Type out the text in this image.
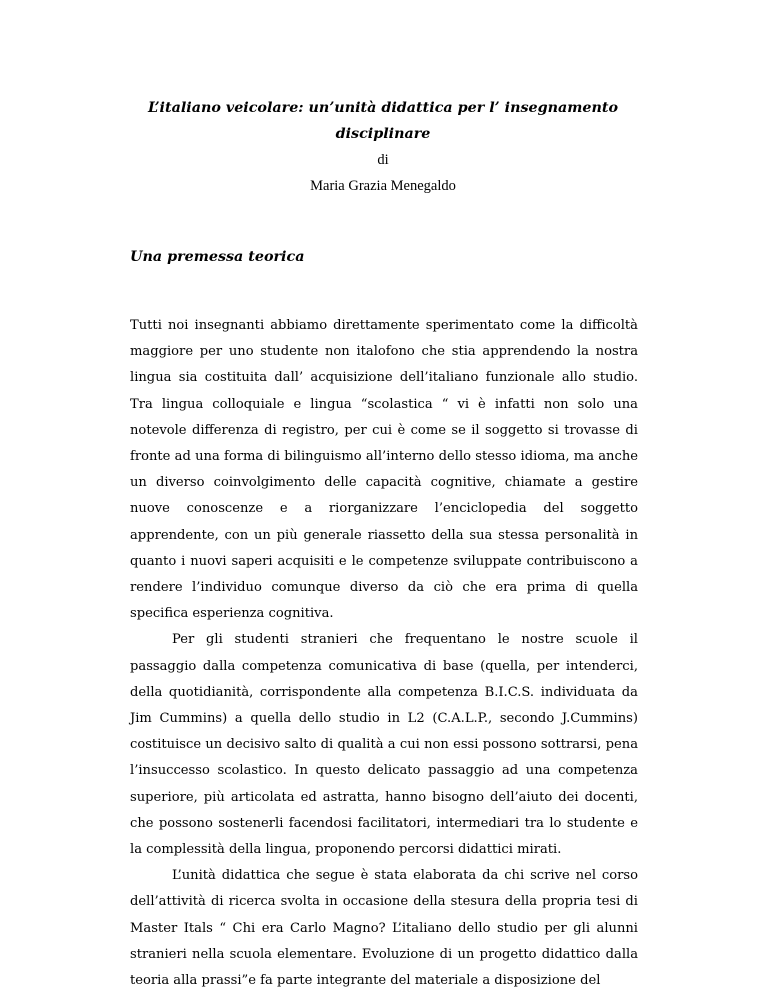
L’italiano veicolare: un’unità didattica per l’ insegnamento

disciplinare

di

Maria Grazia Menegaldo

Una premessa teorica

Tutti noi insegnanti abbiamo direttamente sperimentato come la difficoltà maggiore per uno studente non italofono che stia apprendendo la nostra lingua sia costituita dall’ acquisizione dell’italiano funzionale allo studio. Tra lingua colloquiale e lingua “scolastica “ vi è infatti non solo una notevole differenza di registro, per cui è come se il soggetto si trovasse di fronte ad una forma di bilinguismo all’interno dello stesso idioma, ma anche un diverso coinvolgimento delle capacità cognitive, chiamate a gestire nuove conoscenze e a riorganizzare l’enciclopedia del soggetto apprendente, con un più generale riassetto della sua stessa personalità in quanto i nuovi saperi acquisiti e le competenze sviluppate contribuiscono a rendere l’individuo comunque diverso da ciò che era prima di quella specifica esperienza cognitiva.

Per gli studenti stranieri che frequentano le nostre scuole il passaggio dalla competenza comunicativa di base (quella, per intenderci, della quotidianità, corrispondente alla competenza B.I.C.S. individuata da Jim Cummins) a quella dello studio in L2 (C.A.L.P., secondo J.Cummins) costituisce un decisivo salto di qualità a cui non essi possono sottrarsi, pena l’insuccesso scolastico. In questo delicato passaggio ad una competenza superiore, più articolata ed astratta, hanno bisogno dell’aiuto dei docenti, che possono sostenerli facendosi facilitatori, intermediari tra lo studente e la complessità della lingua, proponendo percorsi didattici mirati.

L’unità didattica che segue è stata elaborata da chi scrive nel corso dell’attività di ricerca svolta in occasione della stesura della propria tesi di Master Itals “ Chi era Carlo Magno? L’italiano dello studio per gli alunni stranieri nella scuola elementare. Evoluzione di un progetto didattico dalla teoria alla prassi”e fa parte integrante del materiale a disposizione del
